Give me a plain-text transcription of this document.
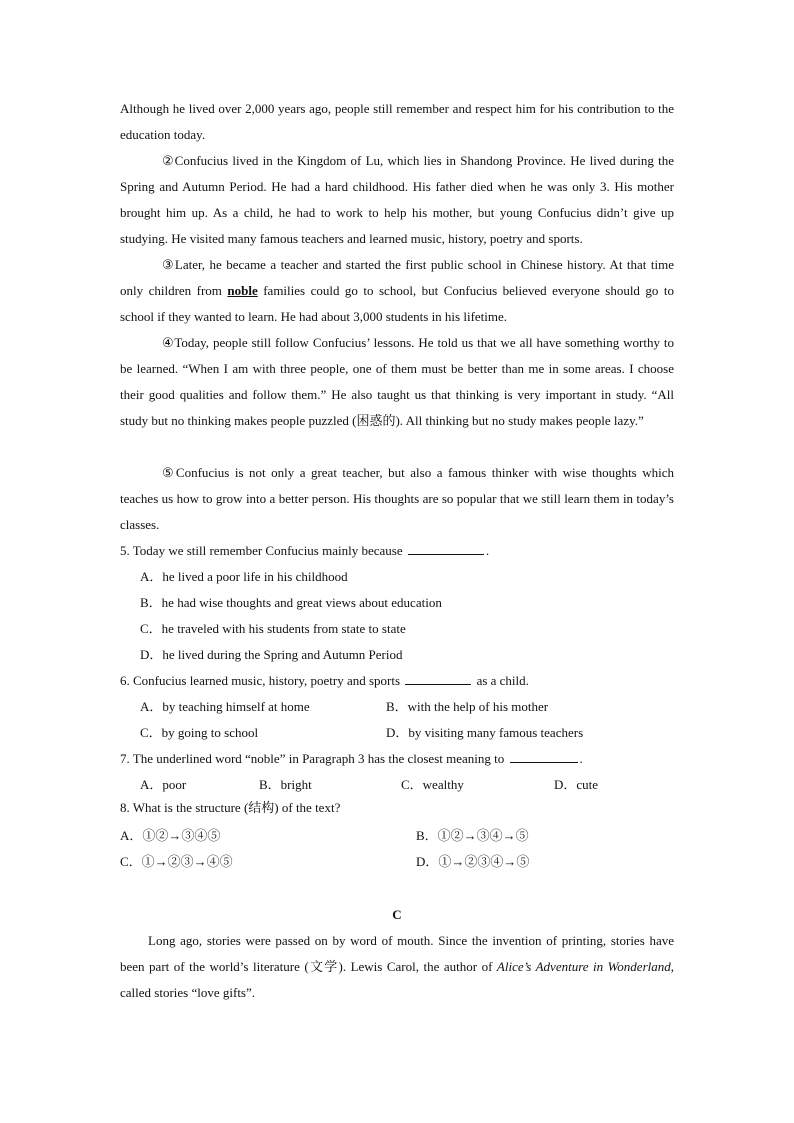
Although he lived over 2,000 years ago, people still remember and respect him for his contribution to the education today.

②Confucius lived in the Kingdom of Lu, which lies in Shandong Province. He lived during the Spring and Autumn Period. He had a hard childhood. His father died when he was only 3. His mother brought him up. As a child, he had to work to help his mother, but young Confucius didn’t give up studying. He visited many famous teachers and learned music, history, poetry and sports.

③Later, he became a teacher and started the first public school in Chinese history. At that time only children from noble families could go to school, but Confucius believed everyone should go to school if they wanted to learn. He had about 3,000 students in his lifetime.

④Today, people still follow Confucius’ lessons. He told us that we all have something worthy to be learned. “When I am with three people, one of them must be better than me in some areas. I choose their good qualities and follow them.” He also taught us that thinking is very important in study. “All study but no thinking makes people puzzled (困惑的). All thinking but no study makes people lazy.”

⑤Confucius is not only a great teacher, but also a famous thinker with wise thoughts which teaches us how to grow into a better person. His thoughts are so popular that we still learn them in today’s classes.

5. Today we still remember Confucius mainly because	.
A．he lived a poor life in his childhood
B．he had wise thoughts and great views about education
C．he traveled with his students from state to state
D．he lived during the Spring and Autumn Period
6. Confucius learned music, history, poetry and sports	as a child.
A．by teaching himself at home	B．with the help of his mother
C．by going to school	D．by visiting many famous teachers
7. The underlined word “noble” in Paragraph 3 has the closest meaning to	.
A．poor	B．bright	C．wealthy	D．cute
8. What is the structure (结构) of the text?
A．①②→③④⑤	B．①②→③④→⑤
C．①→②③→④⑤	D．①→②③④→⑤
C

Long ago, stories were passed on by word of mouth. Since the invention of printing, stories have been part of the world’s literature (文学). Lewis Carol, the author of Alice’s Adventure in Wonderland, called stories “love gifts”.
